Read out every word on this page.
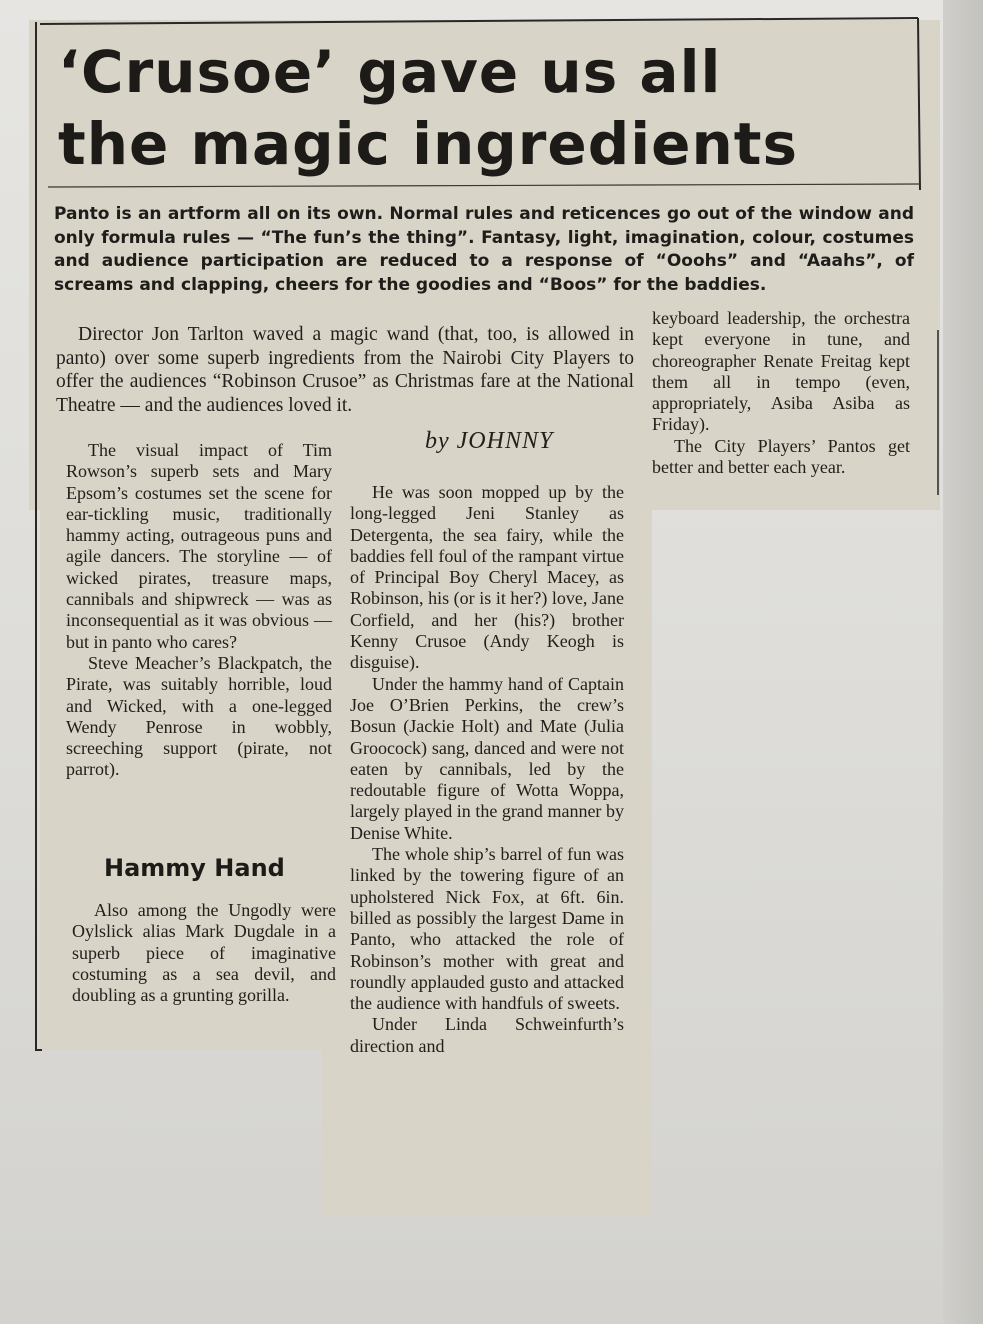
‘Crusoe’ gave us all
the magic ingredients
Panto is an artform all on its own. Normal rules and reticences go out of the window and only formula rules — “The fun’s the thing”. Fantasy, light, imagination, colour, costumes and audience participation are reduced to a response of “Ooohs” and “Aaahs”, of screams and clapping, cheers for the goodies and “Boos” for the baddies.

Director Jon Tarlton waved a magic wand (that, too, is allowed in panto) over some superb ingredients from the Nairobi City Players to offer the audiences “Robinson Crusoe” as Christmas fare at the National Theatre — and the audiences loved it.

by JOHNNY

The visual impact of Tim Rowson’s superb sets and Mary Epsom’s costumes set the scene for ear-tickling music, traditionally hammy acting, outrageous puns and agile dancers. The storyline — of wicked pirates, treasure maps, cannibals and shipwreck — was as inconsequential as it was obvious — but in panto who cares?

Steve Meacher’s Blackpatch, the Pirate, was suitably horrible, loud and Wicked, with a one-legged Wendy Penrose in wobbly, screeching support (pirate, not parrot).

Hammy Hand

Also among the Ungodly were Oylslick alias Mark Dugdale in a superb piece of imaginative costuming as a sea devil, and doubling as a grunting gorilla.

He was soon mopped up by the long-legged Jeni Stanley as Detergenta, the sea fairy, while the baddies fell foul of the rampant virtue of Principal Boy Cheryl Macey, as Robinson, his (or is it her?) love, Jane Corfield, and her (his?) brother Kenny Crusoe (Andy Keogh is disguise).

Under the hammy hand of Captain Joe O’Brien Perkins, the crew’s Bosun (Jackie Holt) and Mate (Julia Groocock) sang, danced and were not eaten by cannibals, led by the redoutable figure of Wotta Woppa, largely played in the grand manner by Denise White.

The whole ship’s barrel of fun was linked by the towering figure of an upholstered Nick Fox, at 6ft. 6in. billed as possibly the largest Dame in Panto, who attacked the role of Robinson’s mother with great and roundly applauded gusto and attacked the audience with handfuls of sweets.

Under Linda Schweinfurth’s direction and

keyboard leadership, the orchestra kept everyone in tune, and choreographer Renate Freitag kept them all in tempo (even, appropriately, Asiba Asiba as Friday).

The City Players’ Pantos get better and better each year.
